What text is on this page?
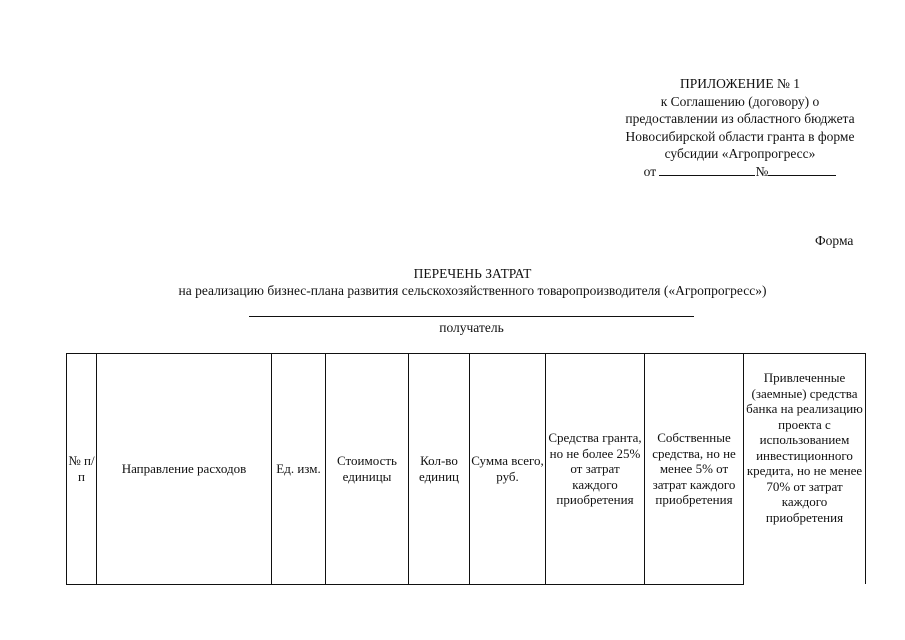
ПРИЛОЖЕНИЕ № 1
к Соглашению (договору) о
предоставлении из областного бюджета
Новосибирской области гранта в форме
субсидии «Агропрогресс»
от	№
Форма
ПЕРЕЧЕНЬ ЗАТРАТ
на реализацию бизнес-плана развития сельскохозяйственного товаропроизводителя («Агропрогресс»)
получатель
№ п/п	Направление расходов	Ед. изм.	Стоимость единицы	Кол-во единиц	Сумма всего, руб.	Средства гранта, но не более 25% от затрат каждого приобретения	Собственные средства, но не менее 5% от затрат каждого приобретения	Привлеченные (заемные) средства банка на реализацию проекта с использованием инвестиционного кредита, но не менее 70% от затрат каждого приобретения
